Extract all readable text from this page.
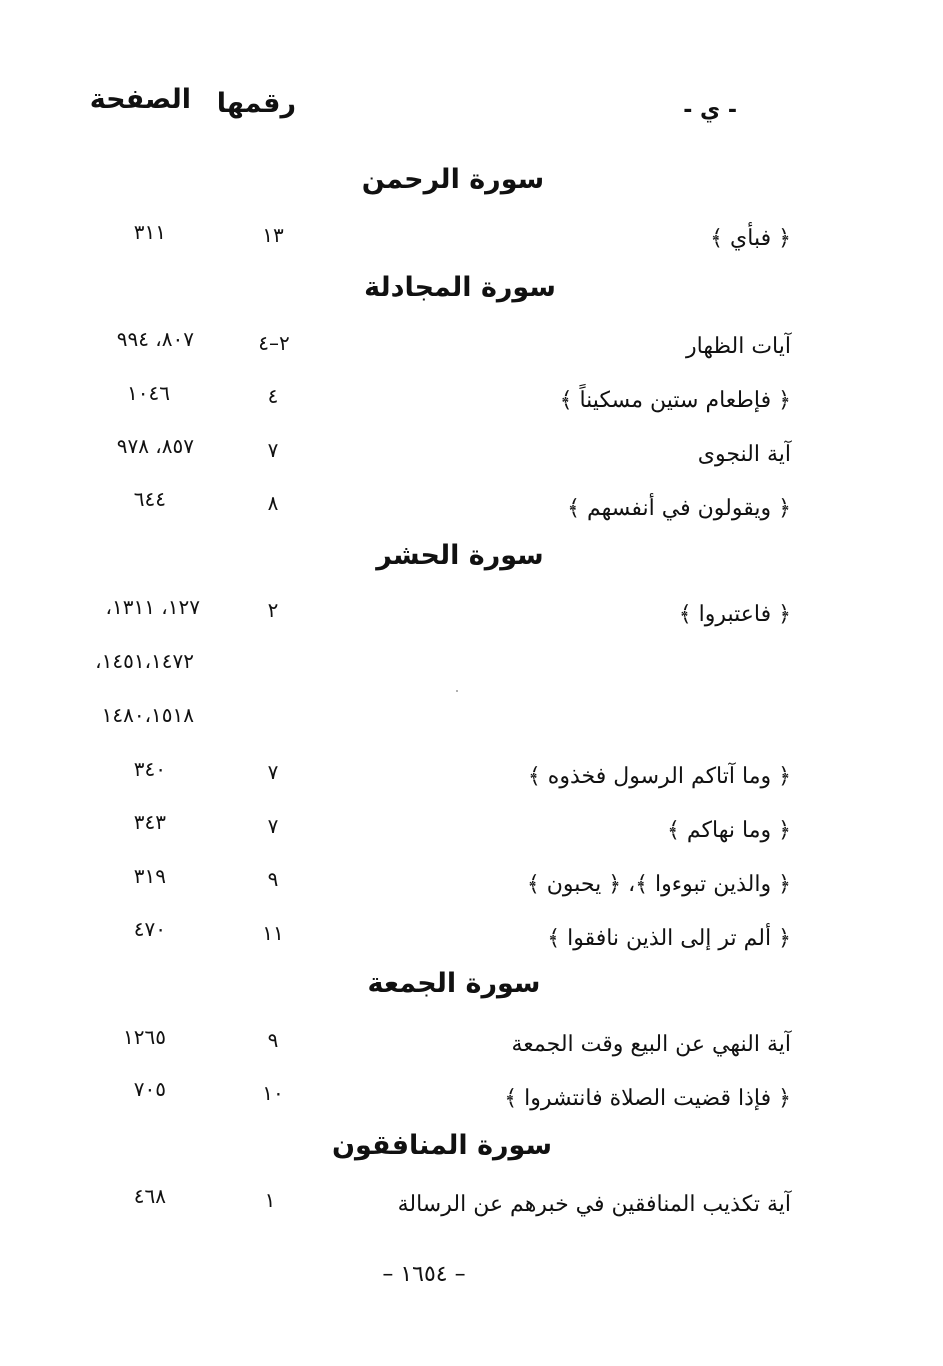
الصفحة رقمها	- ي -
سورة الرحمن
﴿ فبأي ﴾
١٣
٣١١
سورة المجادلة
آيات الظهار
٢–٤
٨٠٧، ٩٩٤
﴿ فإطعام ستين مسكيناً ﴾
٤
١٠٤٦
آية النجوى
٧
٨٥٧، ٩٧٨
﴿ ويقولون في أنفسهم ﴾
٨
٦٤٤
سورة الحشر
﴿ فاعتبروا ﴾
٢
١٢٧، ١٣١١،
١٤٥١،١٤٧٢،
١٤٨٠،١٥١٨
﴿ وما آتاكم الرسول فخذوه ﴾
٧
٣٤٠
﴿ وما نهاكم ﴾
٧
٣٤٣
﴿ والذين تبوءوا ﴾، ﴿ يحبون ﴾
٩
٣١٩
﴿ ألم تر إلى الذين نافقوا ﴾
١١
٤٧٠
سورة الجمعة
آية النهي عن البيع وقت الجمعة
٩
١٢٦٥
﴿ فإذا قضيت الصلاة فانتشروا ﴾
١٠
٧٠٥
سورة المنافقون
آية تكذيب المنافقين في خبرهم عن الرسالة
١
٤٦٨
– ١٦٥٤ –
